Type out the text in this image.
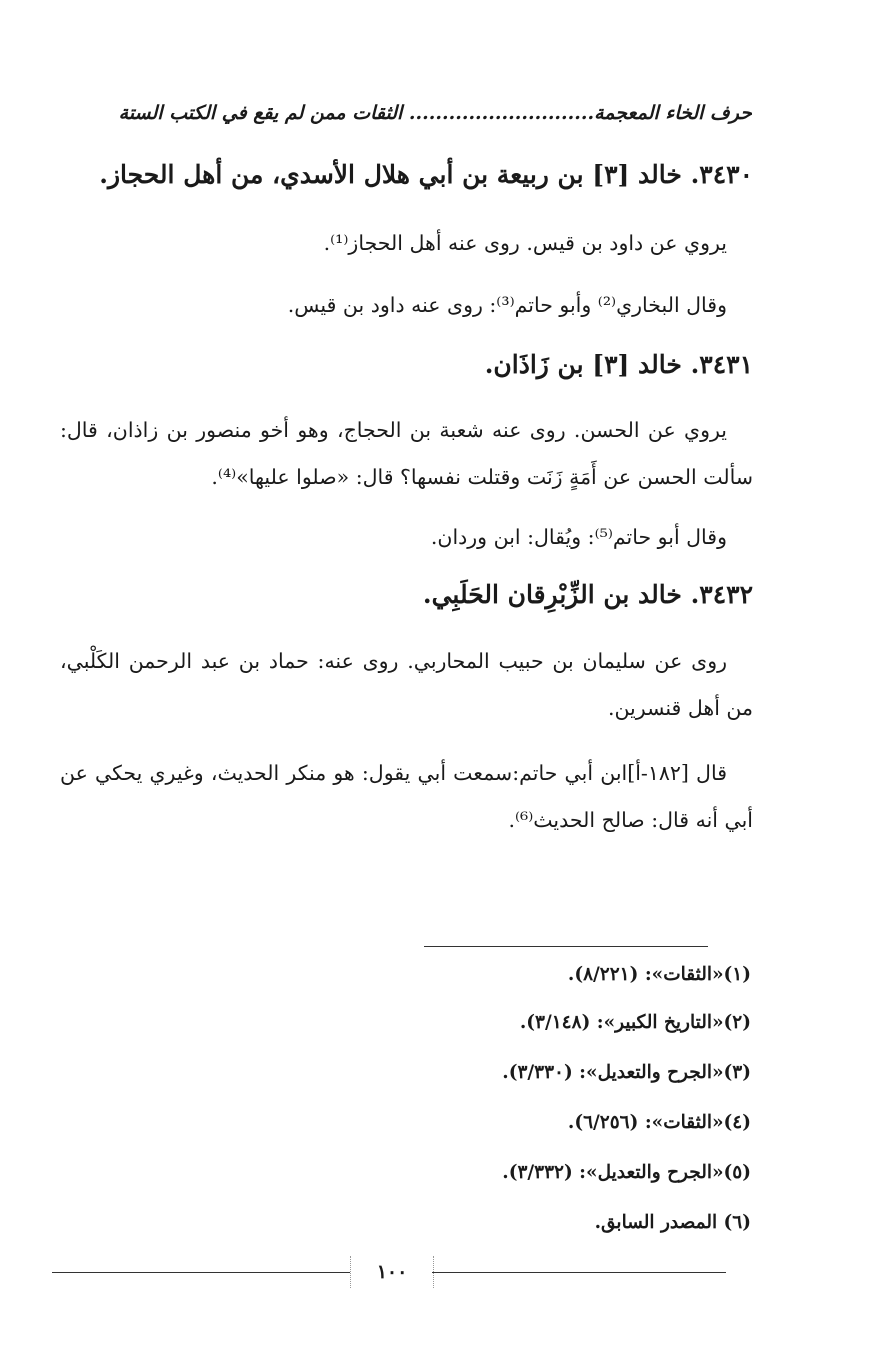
حرف الخاء المعجمة............................ الثقات ممن لم يقع في الكتب الستة
٣٤٣٠. خالد [٣] بن ربيعة بن أبي هلال الأسدي، من أهل الحجاز.
يروي عن داود بن قيس. روى عنه أهل الحجاز⁽¹⁾.
وقال البخاري⁽²⁾ وأبو حاتم⁽³⁾: روى عنه داود بن قيس.
٣٤٣١. خالد [٣] بن زَاذَان.
يروي عن الحسن. روى عنه شعبة بن الحجاج، وهو أخو منصور بن زاذان، قال: سألت الحسن عن أَمَةٍ زَنَت وقتلت نفسها؟ قال: «صلوا عليها»⁽⁴⁾.
وقال أبو حاتم⁽⁵⁾: ويُقال: ابن وردان.
٣٤٣٢. خالد بن الزِّبْرِقان الحَلَبِي.
روى عن سليمان بن حبيب المحاربي. روى عنه: حماد بن عبد الرحمن الكَلْبي، من أهل قنسرين.
قال [١٨٢-أ]ابن أبي حاتم:سمعت أبي يقول: هو منكر الحديث، وغيري يحكي عن أبي أنه قال: صالح الحديث⁽⁶⁾.
(١)«الثقات»: (٨/٢٢١).
(٢)«التاريخ الكبير»: (٣/١٤٨).
(٣)«الجرح والتعديل»: (٣/٣٣٠).
(٤)«الثقات»: (٦/٢٥٦).
(٥)«الجرح والتعديل»: (٣/٣٣٢).
(٦) المصدر السابق.
١٠٠
